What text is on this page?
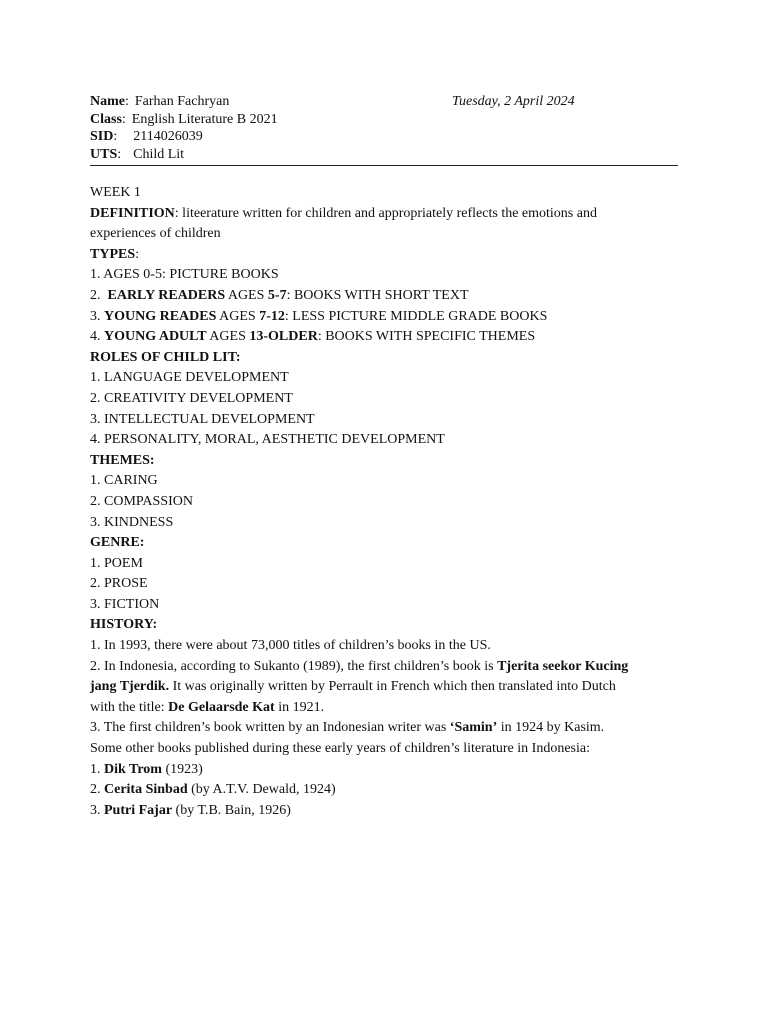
Name: Farhan Fachryan
Class: English Literature B 2021
SID: 2114026039
UTS: Child Lit
Tuesday, 2 April 2024
WEEK 1
DEFINITION: liteerature written for children and appropriately reflects the emotions and
experiences of children
TYPES:
1. AGES 0-5: PICTURE BOOKS
2.  EARLY READERS AGES 5-7: BOOKS WITH SHORT TEXT
3. YOUNG READES AGES 7-12: LESS PICTURE MIDDLE GRADE BOOKS
4. YOUNG ADULT AGES 13-OLDER: BOOKS WITH SPECIFIC THEMES
ROLES OF CHILD LIT:
1. LANGUAGE DEVELOPMENT
2. CREATIVITY DEVELOPMENT
3. INTELLECTUAL DEVELOPMENT
4. PERSONALITY, MORAL, AESTHETIC DEVELOPMENT
THEMES:
1. CARING
2. COMPASSION
3. KINDNESS
GENRE:
1. POEM
2. PROSE
3. FICTION
HISTORY:
1. In 1993, there were about 73,000 titles of children’s books in the US.
2. In Indonesia, according to Sukanto (1989), the first children’s book is Tjerita seekor Kucing
jang Tjerdik. It was originally written by Perrault in French which then translated into Dutch
with the title: De Gelaarsde Kat in 1921.
3. The first children’s book written by an Indonesian writer was ‘Samin’ in 1924 by Kasim.
Some other books published during these early years of children’s literature in Indonesia:
1. Dik Trom (1923)
2. Cerita Sinbad (by A.T.V. Dewald, 1924)
3. Putri Fajar (by T.B. Bain, 1926)
